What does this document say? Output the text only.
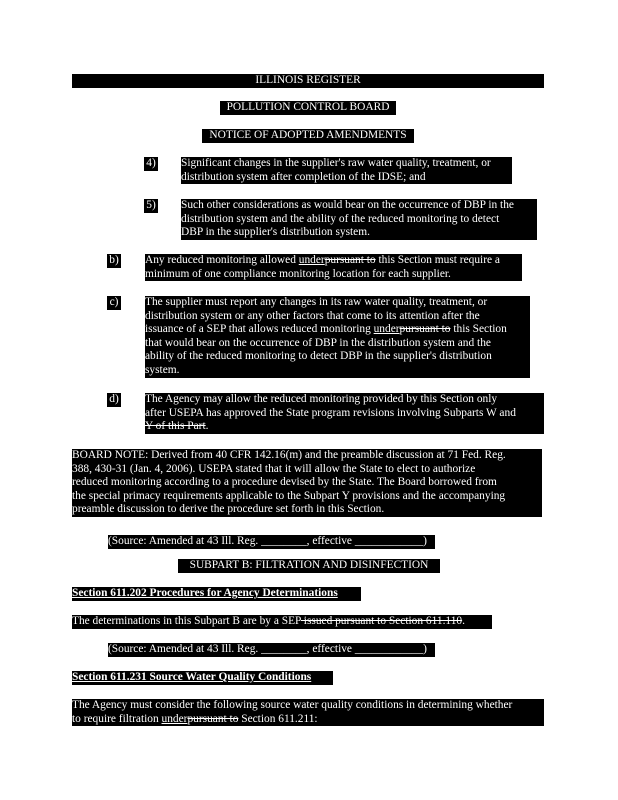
ILLINOIS REGISTER
POLLUTION CONTROL BOARD
NOTICE OF ADOPTED AMENDMENTS
4) Significant changes in the supplier's raw water quality, treatment, or
distribution system after completion of the IDSE; and
5) Such other considerations as would bear on the occurrence of DBP in the
distribution system and the ability of the reduced monitoring to detect
DBP in the supplier's distribution system.
b) Any reduced monitoring allowed underpursuant to this Section must require a
minimum of one compliance monitoring location for each supplier.
c) The supplier must report any changes in its raw water quality, treatment, or
distribution system or any other factors that come to its attention after the
issuance of a SEP that allows reduced monitoring underpursuant to this Section
that would bear on the occurrence of DBP in the distribution system and the
ability of the reduced monitoring to detect DBP in the supplier's distribution
system.
d) The Agency may allow the reduced monitoring provided by this Section only
after USEPA has approved the State program revisions involving Subparts W and
Y of this Part.
BOARD NOTE: Derived from 40 CFR 142.16(m) and the preamble discussion at 71 Fed. Reg.
388, 430-31 (Jan. 4, 2006). USEPA stated that it will allow the State to elect to authorize
reduced monitoring according to a procedure devised by the State. The Board borrowed from
the special primacy requirements applicable to the Subpart Y provisions and the accompanying
preamble discussion to derive the procedure set forth in this Section.
(Source: Amended at 43 Ill. Reg. ________, effective ____________)
SUBPART B: FILTRATION AND DISINFECTION
Section 611.202 Procedures for Agency Determinations
The determinations in this Subpart B are by a SEP issued pursuant to Section 611.110.
(Source: Amended at 43 Ill. Reg. ________, effective ____________)
Section 611.231 Source Water Quality Conditions
The Agency must consider the following source water quality conditions in determining whether
to require filtration underpursuant to Section 611.211:
